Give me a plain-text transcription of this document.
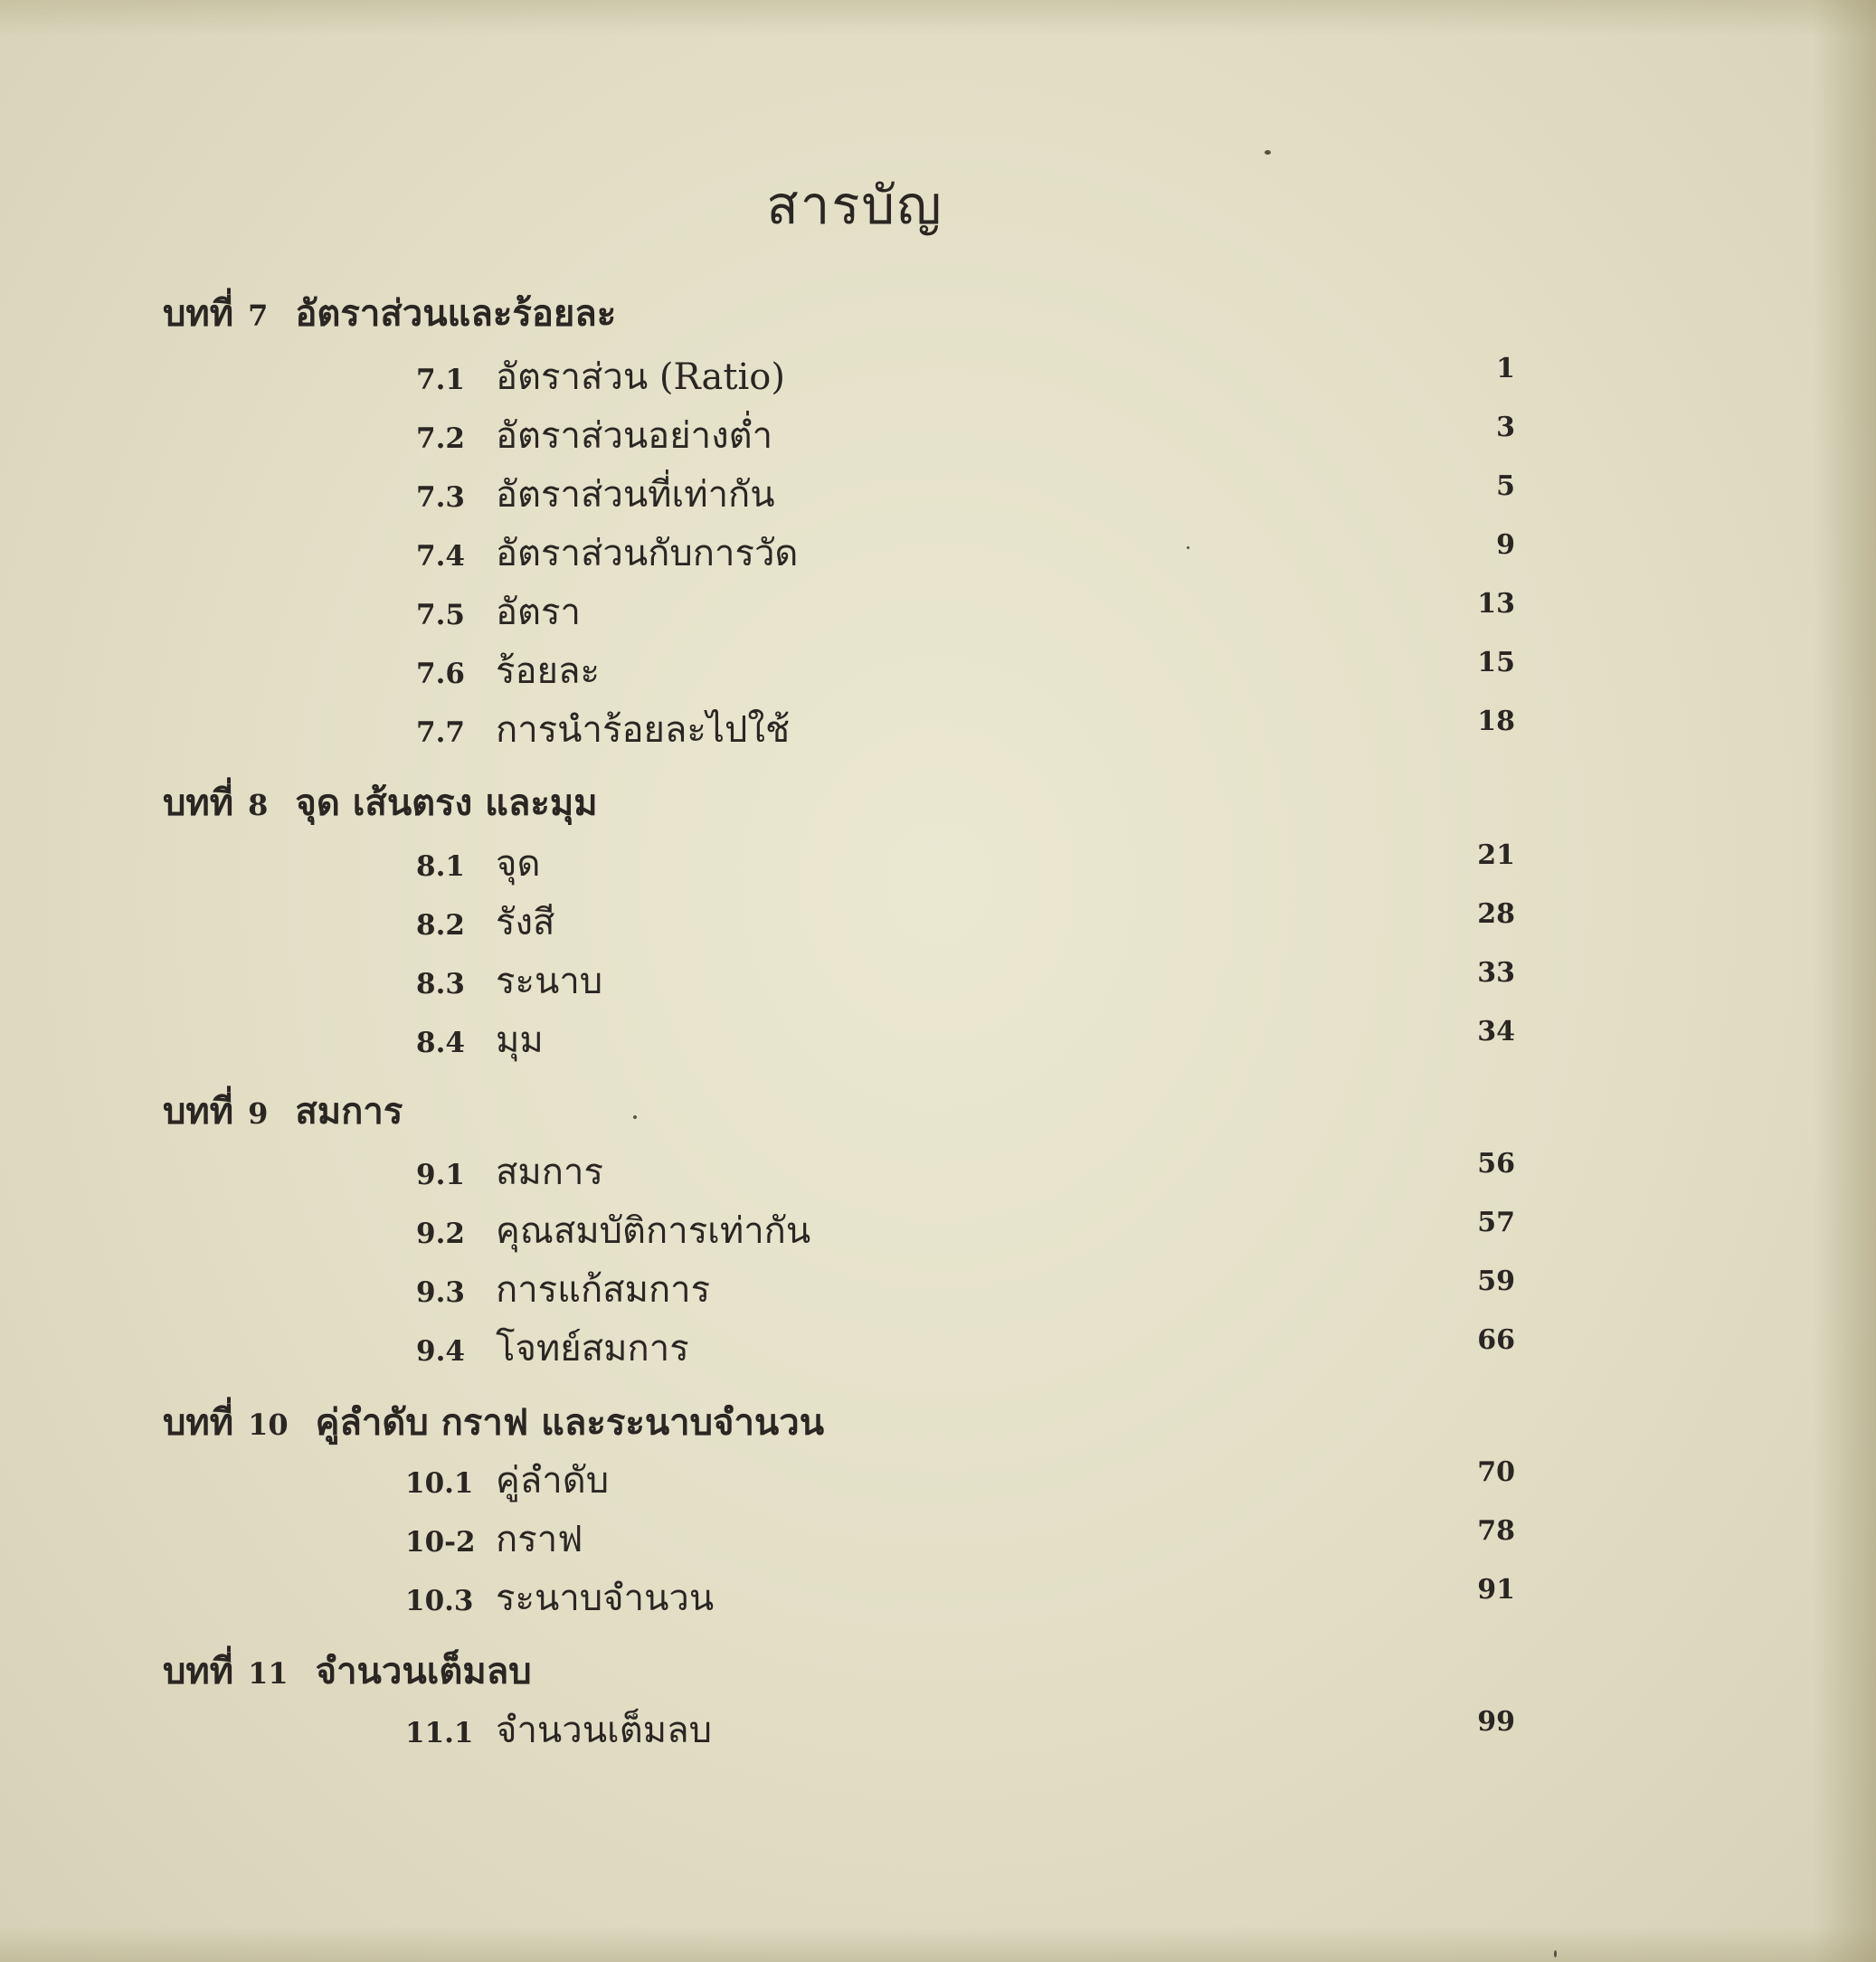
สารบัญ
บทที่ 7 อัตราส่วนและร้อยละ
7.1 อัตราส่วน (Ratio)	1
7.2 อัตราส่วนอย่างต่ำ	3
7.3 อัตราส่วนที่เท่ากัน	5
7.4 อัตราส่วนกับการวัด	9
7.5 อัตรา	13
7.6 ร้อยละ	15
7.7 การนำร้อยละไปใช้	18
บทที่ 8 จุด เส้นตรง และมุม
8.1 จุด	21
8.2 รังสี	28
8.3 ระนาบ	33
8.4 มุม	34
บทที่ 9 สมการ
9.1 สมการ	56
9.2 คุณสมบัติการเท่ากัน	57
9.3 การแก้สมการ	59
9.4 โจทย์สมการ	66
บทที่ 10 คู่ลำดับ กราฟ และระนาบจำนวน
10.1 คู่ลำดับ	70
10-2 กราฟ	78
10.3 ระนาบจำนวน	91
บทที่ 11 จำนวนเต็มลบ
11.1 จำนวนเต็มลบ	99
